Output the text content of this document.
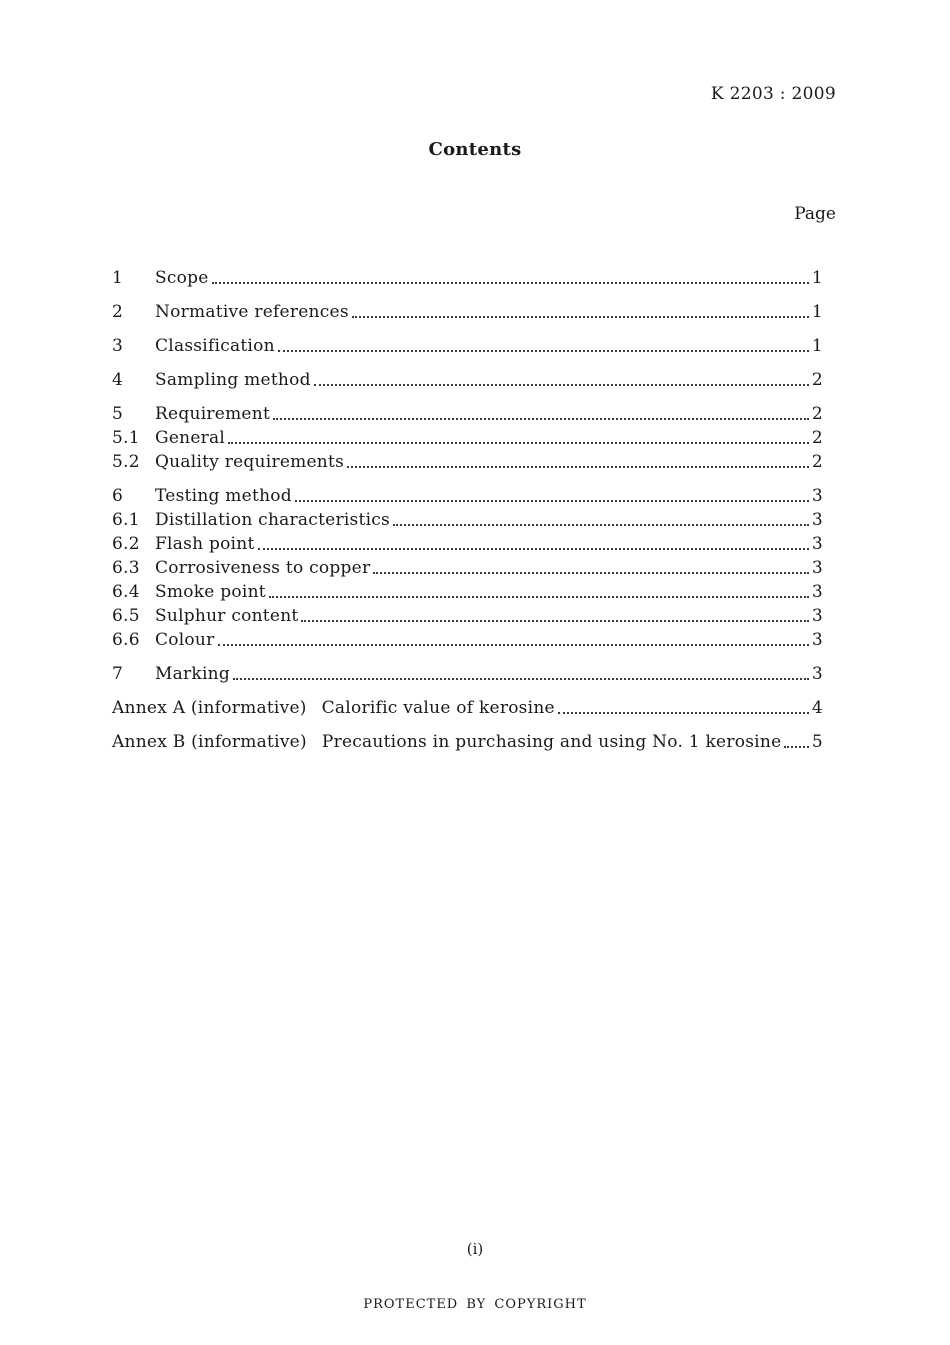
K 2203 : 2009
Contents
Page
1	Scope	1
2	Normative references	1
3	Classification	1
4	Sampling method	2
5	Requirement	2
5.1 General	2
5.2 Quality requirements	2
6	Testing method	3
6.1 Distillation characteristics	3
6.2 Flash point	3
6.3 Corrosiveness to copper	3
6.4 Smoke point	3
6.5 Sulphur content	3
6.6 Colour	3
7	Marking	3
Annex A (informative) Calorific value of kerosine	4
Annex B (informative) Precautions in purchasing and using No. 1 kerosine 5
(i)
PROTECTED BY COPYRIGHT
